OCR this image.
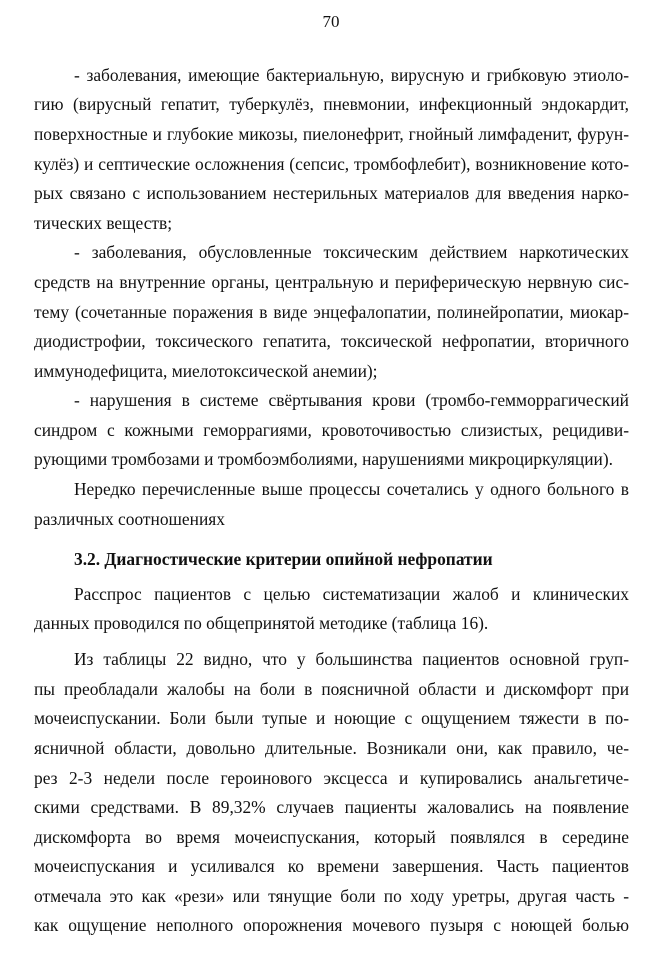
70
- заболевания, имеющие бактериальную, вирусную и грибковую этиоло-
гию (вирусный гепатит, туберкулёз, пневмонии, инфекционный эндокардит,
поверхностные и глубокие микозы, пиелонефрит, гнойный лимфаденит, фурун-
кулёз) и септические осложнения (сепсис, тромбофлебит), возникновение кото-
рых связано с использованием нестерильных материалов для введения нарко-
тических веществ;
- заболевания, обусловленные токсическим действием наркотических
средств на внутренние органы, центральную и периферическую нервную сис-
тему (сочетанные поражения в виде энцефалопатии, полинейропатии, миокар-
диодистрофии, токсического гепатита, токсической нефропатии, вторичного
иммунодефицита, миелотоксической анемии);
- нарушения в системе свёртывания крови (тромбо-гемморрагический
синдром с кожными геморрагиями, кровоточивостью слизистых, рецидиви-
рующими тромбозами и тромбоэмболиями, нарушениями микроциркуляции).
Нередко перечисленные выше процессы сочетались у одного больного в
различных соотношениях
3.2. Диагностические критерии опийной нефропатии
Расспрос пациентов с целью систематизации жалоб и клинических
данных проводился по общепринятой методике (таблица 16).
Из таблицы 22 видно, что у большинства пациентов основной груп-
пы преобладали жалобы на боли в поясничной области и дискомфорт при
мочеиспускании. Боли были тупые и ноющие с ощущением тяжести в по-
ясничной области, довольно длительные. Возникали они, как правило, че-
рез 2-3 недели после героинового эксцесса и купировались анальгетиче-
скими средствами. В 89,32% случаев пациенты жаловались на появление
дискомфорта во время мочеиспускания, который появлялся в середине
мочеиспускания и усиливался ко времени завершения. Часть пациентов
отмечала это как «рези» или тянущие боли по ходу уретры, другая часть -
как ощущение неполного опорожнения мочевого пузыря с ноющей болью
